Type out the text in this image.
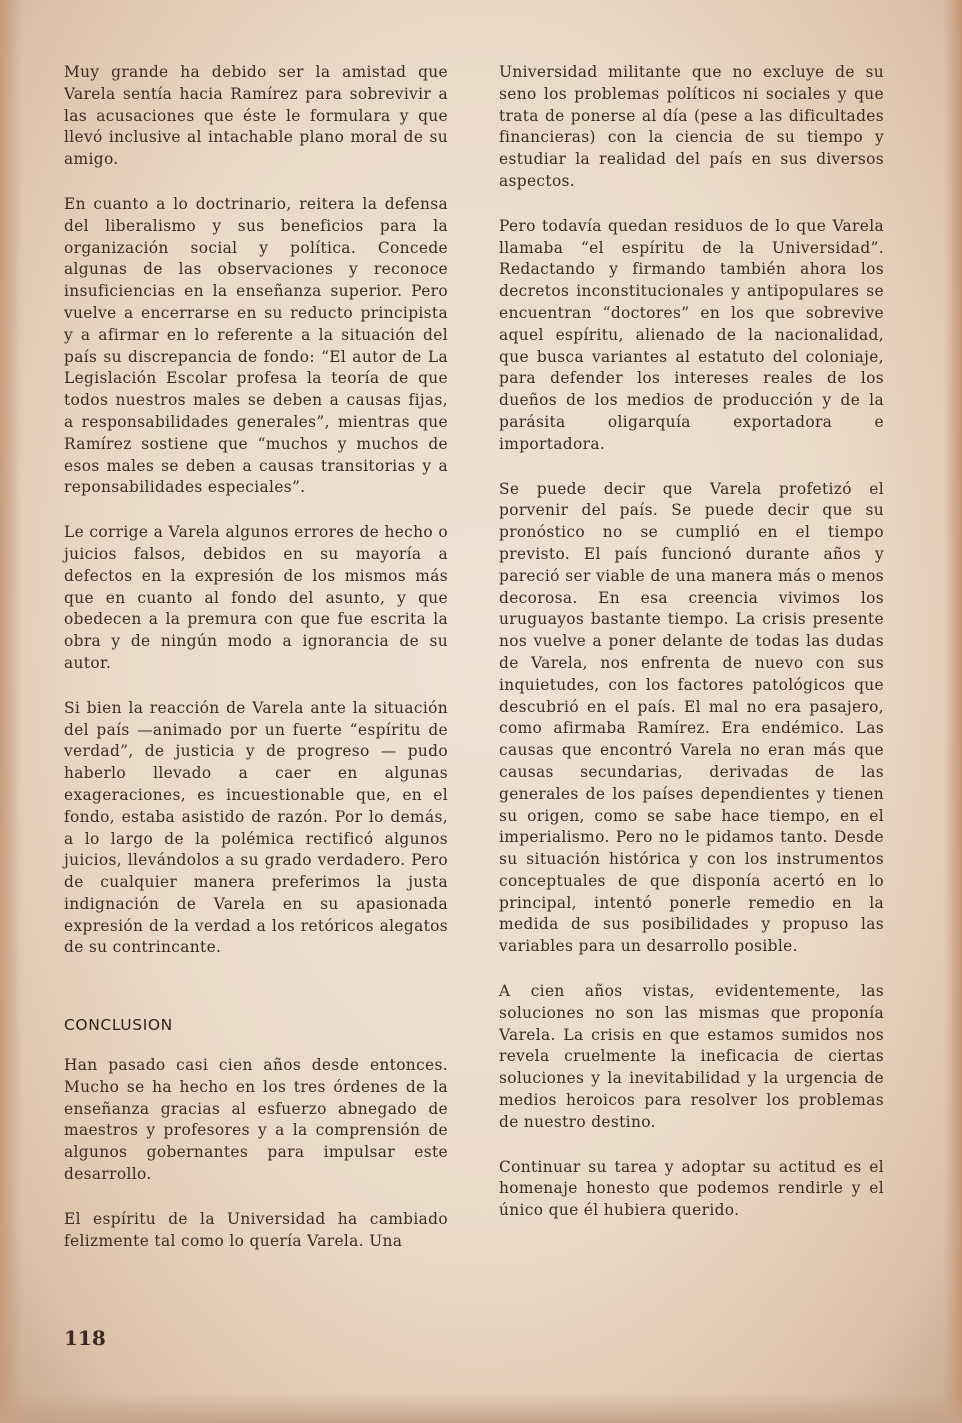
Muy grande ha debido ser la amistad que Varela sentía hacia Ramírez para sobrevivir a las acusaciones que éste le formulara y que llevó inclusive al intachable plano moral de su amigo.

En cuanto a lo doctrinario, reitera la defensa del liberalismo y sus beneficios para la organización social y política. Concede algunas de las observaciones y reconoce insuficiencias en la enseñanza superior. Pero vuelve a encerrarse en su reducto principista y a afirmar en lo referente a la situación del país su discrepancia de fondo: “El autor de La Legislación Escolar profesa la teoría de que todos nuestros males se deben a causas fijas, a responsabilidades generales”, mientras que Ramírez sostiene que “muchos y muchos de esos males se deben a causas transitorias y a reponsabilidades especiales”.

Le corrige a Varela algunos errores de hecho o juicios falsos, debidos en su mayoría a defectos en la expresión de los mismos más que en cuanto al fondo del asunto, y que obedecen a la premura con que fue escrita la obra y de ningún modo a ignorancia de su autor.

Si bien la reacción de Varela ante la situación del país —animado por un fuerte “espíritu de verdad”, de justicia y de progreso — pudo haberlo llevado a caer en algunas exageraciones, es incuestionable que, en el fondo, estaba asistido de razón. Por lo demás, a lo largo de la polémica rectificó algunos juicios, llevándolos a su grado verdadero. Pero de cualquier manera preferimos la justa indignación de Varela en su apasionada expresión de la verdad a los retóricos alegatos de su contrincante.

CONCLUSION

Han pasado casi cien años desde entonces. Mucho se ha hecho en los tres órdenes de la enseñanza gracias al esfuerzo abnegado de maestros y profesores y a la comprensión de algunos gobernantes para impulsar este desarrollo.

El espíritu de la Universidad ha cambiado felizmente tal como lo quería Varela. Una

Universidad militante que no excluye de su seno los problemas políticos ni sociales y que trata de ponerse al día (pese a las dificultades financieras) con la ciencia de su tiempo y estudiar la realidad del país en sus diversos aspectos.

Pero todavía quedan residuos de lo que Varela llamaba “el espíritu de la Universidad”. Redactando y firmando también ahora los decretos inconstitucionales y antipopulares se encuentran “doctores” en los que sobrevive aquel espíritu, alienado de la nacionalidad, que busca variantes al estatuto del coloniaje, para defender los intereses reales de los dueños de los medios de producción y de la parásita oligarquía exportadora e importadora.

Se puede decir que Varela profetizó el porvenir del país. Se puede decir que su pronóstico no se cumplió en el tiempo previsto. El país funcionó durante años y pareció ser viable de una manera más o menos decorosa. En esa creencia vivimos los uruguayos bastante tiempo. La crisis presente nos vuelve a poner delante de todas las dudas de Varela, nos enfrenta de nuevo con sus inquietudes, con los factores patológicos que descubrió en el país. El mal no era pasajero, como afirmaba Ramírez. Era endémico. Las causas que encontró Varela no eran más que causas secundarias, derivadas de las generales de los países dependientes y tienen su origen, como se sabe hace tiempo, en el imperialismo. Pero no le pidamos tanto. Desde su situación histórica y con los instrumentos conceptuales de que disponía acertó en lo principal, intentó ponerle remedio en la medida de sus posibilidades y propuso las variables para un desarrollo posible.

A cien años vistas, evidentemente, las soluciones no son las mismas que proponía Varela. La crisis en que estamos sumidos nos revela cruelmente la ineficacia de ciertas soluciones y la inevitabilidad y la urgencia de medios heroicos para resolver los problemas de nuestro destino.

Continuar su tarea y adoptar su actitud es el homenaje honesto que podemos rendirle y el único que él hubiera querido.

118
